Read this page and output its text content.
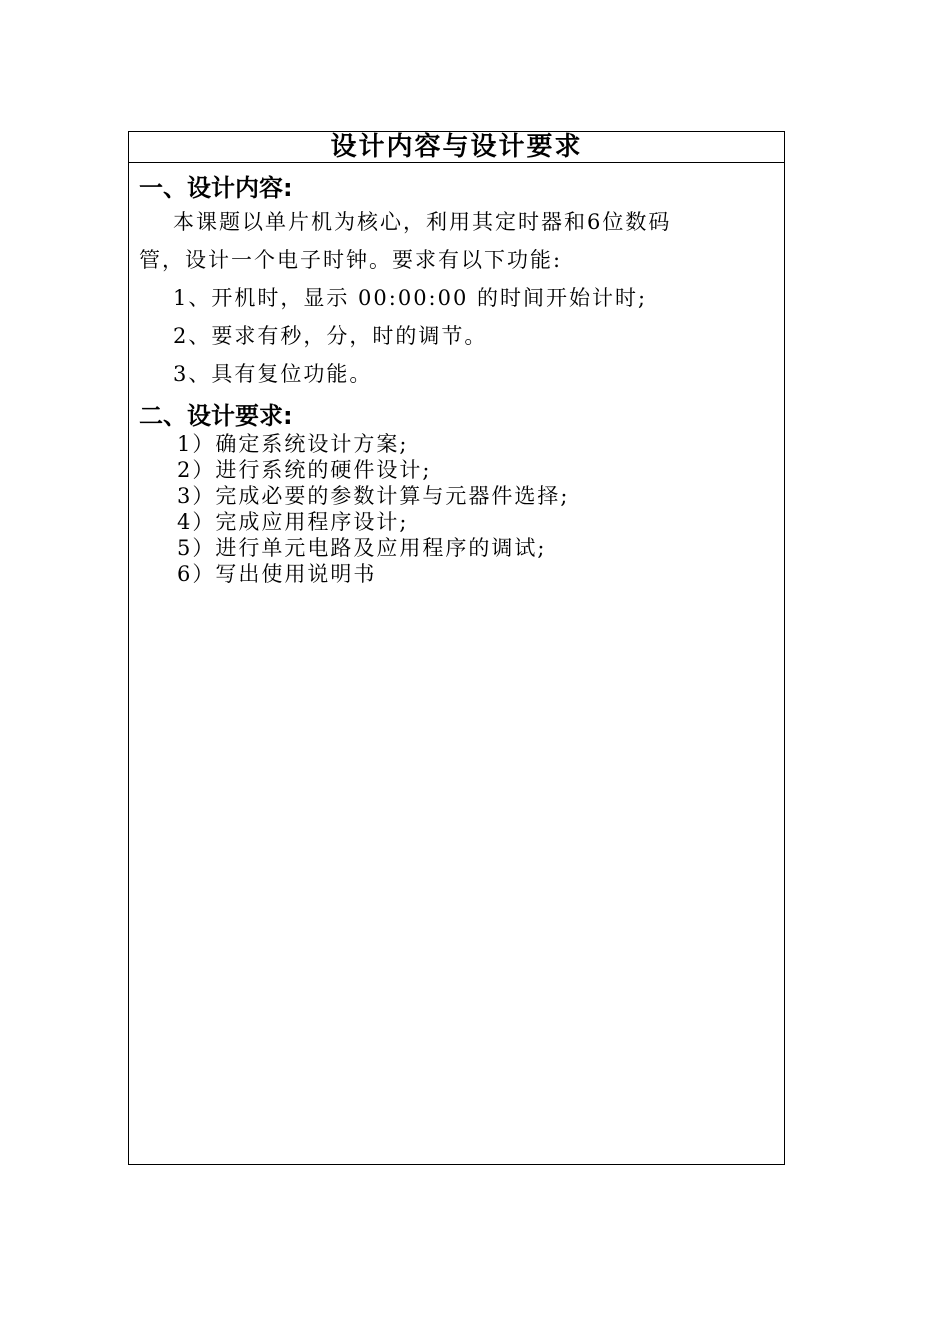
设计内容与设计要求
一、设计内容:

本课题以单片机为核心，利用其定时器和6位数码

管，设计一个电子时钟。要求有以下功能:

1、开机时，显示 00:00:00 的时间开始计时;
2、要求有秒，分，时的调节。
3、具有复位功能。
二、设计要求:
1）确定系统设计方案;
2）进行系统的硬件设计;
3）完成必要的参数计算与元器件选择;
4）完成应用程序设计;
5）进行单元电路及应用程序的调试;
6）写出使用说明书
